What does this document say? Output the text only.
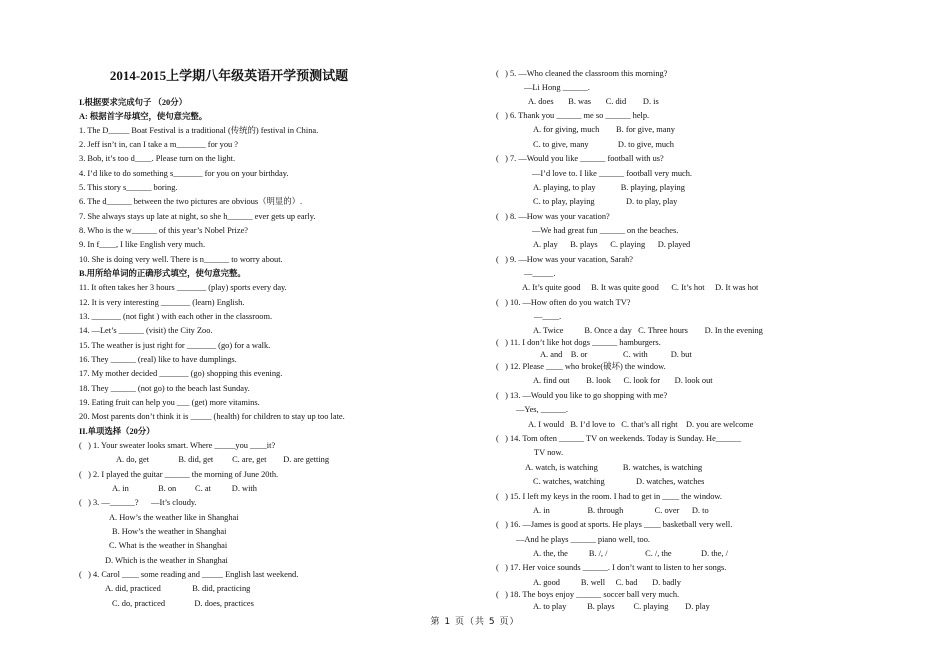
2014-2015上学期八年级英语开学预测试题
I.根据要求完成句子 （20分）
A: 根据首字母填空，使句意完整。
1. The D_____ Boat Festival is a traditional (传统的) festival in China.
2. Jeff isn’t in, can I take a m_______ for you ?
3. Bob, it’s too d____. Please turn on the light.
4. I’d like to do something s_______ for you on your birthday.
5. This story s______ boring.
6. The d______ between the two pictures are obvious（明显的）.
7. She always stays up late at night, so she h______ ever gets up early.
8. Who is the w______ of this year’s Nobel Prize?
9. In f____, I like English very much.
10. She is doing very well. There is n______ to worry about.
B.用所给单词的正确形式填空，使句意完整。
11. It often takes her 3 hours _______ (play) sports every day.
12. It is very interesting _______ (learn) English.
13. _______ (not fight ) with each other in the classroom.
14. —Let’s ______ (visit) the City Zoo.
15. The weather is just right for _______ (go) for a walk.
16. They ______ (real) like to have dumplings.
17. My mother decided _______ (go) shopping this evening.
18. They ______ (not go) to the beach last Sunday.
19. Eating fruit can help you ___ (get) more vitamins.
20. Most parents don’t think it is _____ (health) for children to stay up too late.
II.单项选择（20分）
(   ) 1. Your sweater looks smart. Where _____you ____it?
A. do, get              B. did, get         C. are, get        D. are getting
(   ) 2. I played the guitar ______ the morning of June 20th.
A. in              B. on         C. at          D. with
(   ) 3. —______?      —It’s cloudy.
A. How’s the weather like in Shanghai
B. How’s the weather in Shanghai
C. What is the weather in Shanghai
D. Which is the weather in Shanghai
(   ) 4. Carol ____ some reading and _____ English last weekend.
A. did, practiced               B. did, practicing
C. do, practiced              D. does, practices
(   ) 5. —Who cleaned the classroom this morning?
—Li Hong ______.
A. does       B. was       C. did        D. is
(   ) 6. Thank you ______ me so ______ help.
A. for giving, much        B. for give, many
C. to give, many              D. to give, much
(   ) 7. —Would you like ______ football with us?
—I’d love to. I like ______ football very much.
A. playing, to play            B. playing, playing
C. to play, playing               D. to play, play
(   ) 8. —How was your vacation?
—We had great fun ______ on the beaches.
A. play      B. plays      C. playing      D. played
(   ) 9. —How was your vacation, Sarah?
—_____.
A. It’s quite good     B. It was quite good      C. It’s hot     D. It was hot
(   ) 10. —How often do you watch TV?
—____.
A. Twice          B. Once a day   C. Three hours        D. In the evening
(   ) 11. I don’t like hot dogs ______ hamburgers.
A. and    B. or                 C. with           D. but
(   ) 12. Please ____ who broke(破坏) the window.
A. find out        B. look      C. look for       D. look out
(   ) 13. —Would you like to go shopping with me?
—Yes, ______.
A. I would   B. I’d love to   C. that’s all right    D. you are welcome
(   ) 14. Tom often ______ TV on weekends. Today is Sunday. He______
TV now.
A. watch, is watching            B. watches, is watching
C. watches, watching               D. watches, watches
(   ) 15. I left my keys in the room. I had to get in ____ the window.
A. in                  B. through               C. over      D. to
(   ) 16. —James is good at sports. He plays ____ basketball very well.
—And he plays ______ piano well, too.
A. the, the          B. /, /                  C. /, the              D. the, /
(   ) 17. Her voice sounds ______. I don’t want to listen to her songs.
A. good          B. well     C. bad       D. badly
(   ) 18. The boys enjoy ______ soccer ball very much.
A. to play          B. plays         C. playing        D. play
第 1 页（共 5 页）
